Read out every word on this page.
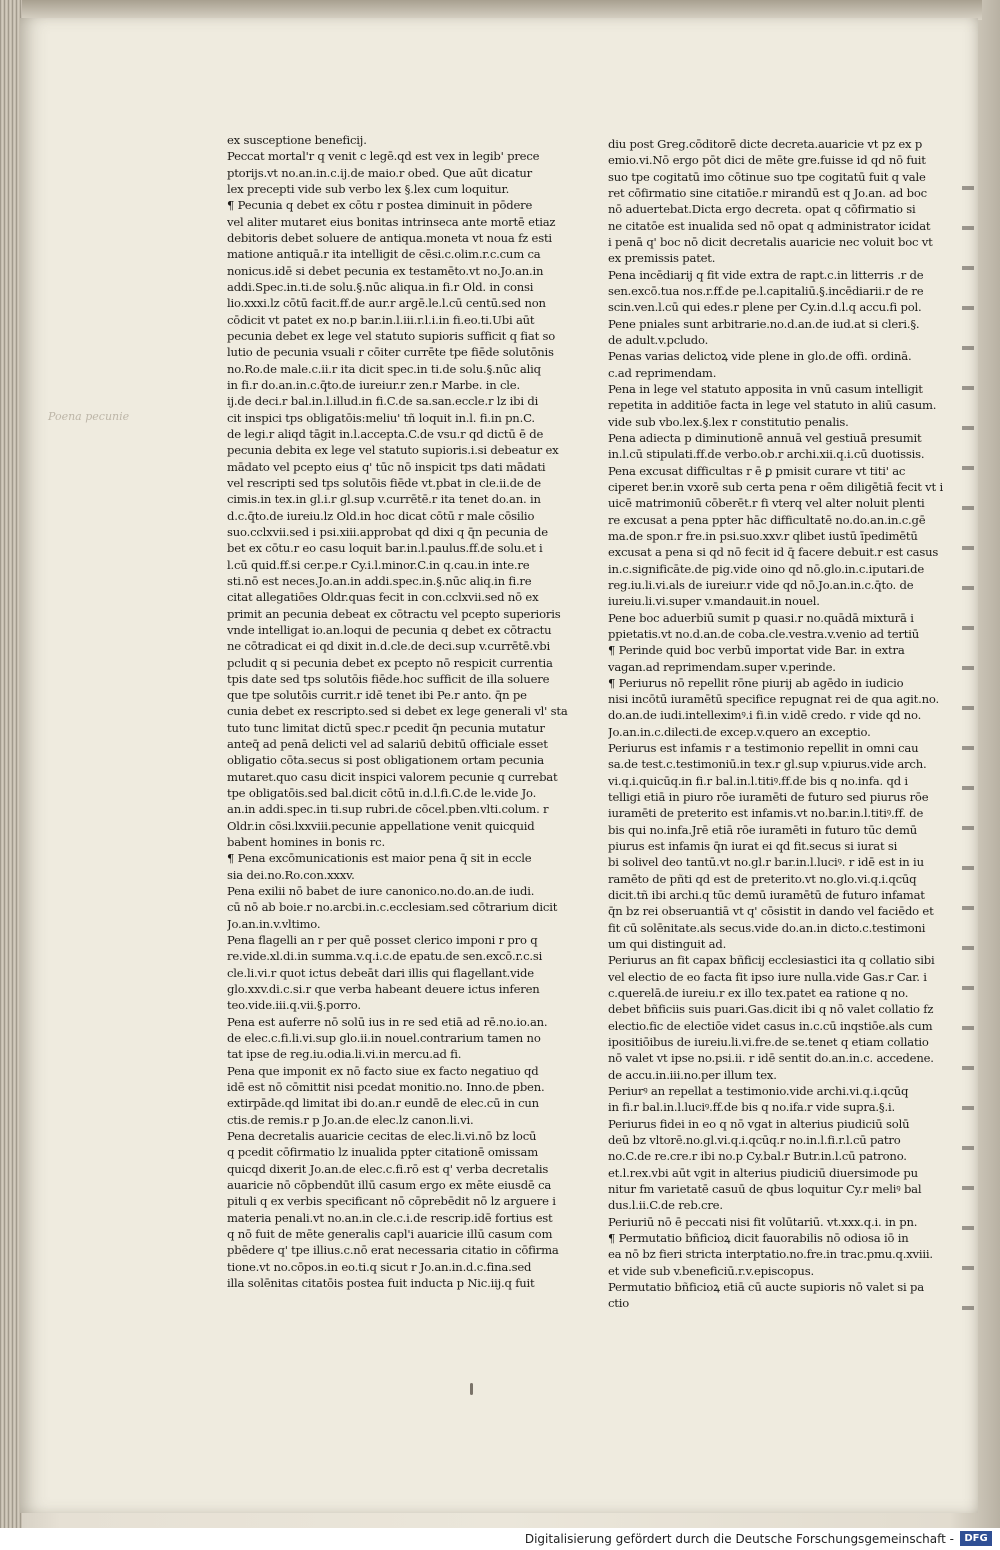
Poena pecunie
ex susceptione beneficij.
Peccat mortal'r q venit c legē.qd est vex in legib' prece
ptorijs.vt no.an.in.c.ij.de maio.r obed. Que aūt dicatur
lex precepti vide sub verbo lex §.lex cum loquitur.
¶ Pecunia q debet ex cōtu r postea diminuit in pōdere
vel aliter mutaret eius bonitas intrinseca ante mortē etiaz
debitoris debet soluere de antiqua.moneta vt noua fz esti
matione antiquā.r ita intelligit de cēsi.c.olim.r.c.cum ca
nonicus.idē si debet pecunia ex testamēto.vt no.Jo.an.in
addi.Spec.in.ti.de solu.§.nūc aliqua.in fi.r Old. in consi
lio.xxxi.lz cōtū facit.ff.de aur.r argē.le.l.cū centū.sed non
cōdicit vt patet ex no.p bar.in.l.iii.r.l.i.in fi.eo.ti.Ubi aūt
pecunia debet ex lege vel statuto supioris sufficit q fiat so
lutio de pecunia vsuali r cōiter currēte tpe fiēde solutōnis
no.Ro.de male.c.ii.r ita dicit spec.in ti.de solu.§.nūc aliq
in fi.r do.an.in.c.q̄to.de iureiur.r zen.r Marbe. in cle.
ij.de deci.r bal.in.l.illud.in fi.C.de sa.san.eccle.r lz ibi di
cit inspici tps obligatōis:meliu' tñ loquit in.l. fi.in pn.C.
de legi.r aliqd tāgit in.l.accepta.C.de vsu.r qd dictū ē de
pecunia debita ex lege vel statuto supioris.i.si debeatur ex
mādato vel pcepto eius q' tūc nō inspicit tps dati mādati
vel rescripti sed tps solutōis fiēde vt.pbat in cle.ii.de de
cimis.in tex.in gl.i.r gl.sup v.currētē.r ita tenet do.an. in
d.c.q̄to.de iureiu.lz Old.in hoc dicat cōtū r male cōsilio
suo.cclxvii.sed i psi.xiii.approbat qd dixi q q̄n pecunia de
bet ex cōtu.r eo casu loquit bar.in.l.paulus.ff.de solu.et i
l.cū quid.ff.si cer.pe.r Cy.i.l.minor.C.in q.cau.in inte.re
sti.nō est neces.Jo.an.in addi.spec.in.§.nūc aliq.in fi.re
citat allegatiōes Oldr.quas fecit in con.cclxvii.sed nō ex
primit an pecunia debeat ex cōtractu vel pcepto superioris
vnde intelligat io.an.loqui de pecunia q debet ex cōtractu
ne cōtradicat ei qd dixit in.d.cle.de deci.sup v.currētē.vbi
pcludit q si pecunia debet ex pcepto nō respicit currentia
tpis date sed tps solutōis fiēde.hoc sufficit de illa soluere
que tpe solutōis currit.r idē tenet ibi Pe.r anto. q̄n pe
cunia debet ex rescripto.sed si debet ex lege generali vl' sta
tuto tunc limitat dictū spec.r pcedit q̄n pecunia mutatur
anteq̄ ad penā delicti vel ad salariū debitū officiale esset
obligatio cōta.secus si post obligationem ortam pecunia
mutaret.quo casu dicit inspici valorem pecunie q currebat
tpe obligatōis.sed bal.dicit cōtū in.d.l.fi.C.de le.vide Jo.
an.in addi.spec.in ti.sup rubri.de cōcel.pben.vlti.colum. r
Oldr.in cōsi.lxxviii.pecunie appellatione venit quicquid
babent homines in bonis rc.
¶ Pena excōmunicationis est maior pena q̄ sit in eccle
sia dei.no.Ro.con.xxxv.
Pena exilii nō babet de iure canonico.no.do.an.de iudi.
cū nō ab boie.r no.arcbi.in.c.ecclesiam.sed cōtrarium dicit
Jo.an.in.v.vltimo.
Pena flagelli an r per quē posset clerico imponi r pro q
re.vide.xl.di.in summa.v.q.i.c.de epatu.de sen.excō.r.c.si
cle.li.vi.r quot ictus debeāt dari illis qui flagellant.vide
glo.xxv.di.c.si.r que verba habeant deuere ictus inferen
teo.vide.iii.q.vii.§.porro.
Pena est auferre nō solū ius in re sed etiā ad rē.no.io.an.
de elec.c.fi.li.vi.sup glo.ii.in nouel.contrarium tamen no
tat ipse de reg.iu.odia.li.vi.in mercu.ad fi.
Pena que imponit ex nō facto siue ex facto negatiuo qd
idē est nō cōmittit nisi pcedat monitio.no. Inno.de pben.
extirpāde.qd limitat ibi do.an.r eundē de elec.cū in cun
ctis.de remis.r p Jo.an.de elec.lz canon.li.vi.
Pena decretalis auaricie cecitas de elec.li.vi.nō bz locū
q pcedit cōfirmatio lz inualida ppter citationē omissam
quicqd dixerit Jo.an.de elec.c.fi.rō est q' verba decretalis
auaricie nō cōpbendūt illū casum ergo ex mēte eiusdē ca
pituli q ex verbis specificant nō cōprebēdit nō lz arguere i
materia penali.vt no.an.in cle.c.i.de rescrip.idē fortius est
q nō fuit de mēte generalis capl'i auaricie illū casum com
pbēdere q' tpe illius.c.nō erat necessaria citatio in cōfirma
tione.vt no.cōpos.in eo.ti.q sicut r Jo.an.in.d.c.fina.sed
illa solēnitas citatōis postea fuit inducta p Nic.iij.q fuit
diu post Greg.cōditorē dicte decreta.auaricie vt pz ex p
emio.vi.Nō ergo pōt dici de mēte gre.fuisse id qd nō fuit
suo tpe cogitatū imo cōtinue suo tpe cogitatū fuit q vale
ret cōfirmatio sine citatiōe.r mirandū est q Jo.an. ad boc
nō aduertebat.Dicta ergo decreta. opat q cōfirmatio si
ne citatōe est inualida sed nō opat q administrator icidat
i penā q' boc nō dicit decretalis auaricie nec voluit boc vt
ex premissis patet.
Pena incēdiarij q fit vide extra de rapt.c.in litterris .r de
sen.excō.tua nos.r.ff.de pe.l.capitaliū.§.incēdiarii.r de re
scin.ven.l.cū qui edes.r plene per Cy.in.d.l.q accu.fi pol.
Pene pniales sunt arbitrarie.no.d.an.de iud.at si cleri.§.
de adult.v.pcludo.
Penas varias delictoꝝ vide plene in glo.de offi. ordinā.
c.ad reprimendam.
Pena in lege vel statuto apposita in vnū casum intelligit
repetita in additiōe facta in lege vel statuto in aliū casum.
vide sub vbo.lex.§.lex r constitutio penalis.
Pena adiecta p diminutionē annuā vel gestiuā presumit
in.l.cū stipulati.ff.de verbo.ob.r archi.xii.q.i.cū duotissis.
Pena excusat difficultas r ē ꝑ pmisit curare vt titi' ac
ciperet ber.in vxorē sub certa pena r oēm diligētiā fecit vt i
uicē matrimoniū cōberēt.r fi vterq vel alter noluit plenti
re excusat a pena ppter hāc difficultatē no.do.an.in.c.gē
ma.de spon.r fre.in psi.suo.xxv.r qlibet iustū īpedimētū
excusat a pena si qd nō fecit id q̄ facere debuit.r est casus
in.c.significāte.de pig.vide oino qd nō.glo.in.c.iputari.de
reg.iu.li.vi.als de iureiur.r vide qd nō.Jo.an.in.c.q̄to. de
iureiu.li.vi.super v.mandauit.in nouel.
Pene boc aduerbiū sumit p quasi.r no.quādā mixturā i
ppietatis.vt no.d.an.de coba.cle.vestra.v.venio ad tertiū
¶ Perinde quid boc verbū importat vide Bar. in extra
vagan.ad reprimendam.super v.perinde.
¶ Periurus nō repellit rōne piurij ab agēdo in iudicio
nisi incōtū iuramētū specifice repugnat rei de qua agit.no.
do.an.de iudi.intelleximꝰ.i fi.in v.idē credo. r vide qd no.
Jo.an.in.c.dilecti.de excep.v.quero an exceptio.
Periurus est infamis r a testimonio repellit in omni cau
sa.de test.c.testimoniū.in tex.r gl.sup v.piurus.vide arch.
vi.q.i.quicūq.in fi.r bal.in.l.titiꝰ.ff.de bis q no.infa. qd i
telligi etiā in piuro rōe iuramēti de futuro sed piurus rōe
iuramēti de preterito est infamis.vt no.bar.in.l.titiꝰ.ff. de
bis qui no.infa.Jrē etiā rōe iuramēti in futuro tūc demū
piurus est infamis q̄n iurat ei qd fit.secus si iurat si
bi solivel deo tantū.vt no.gl.r bar.in.l.luciꝰ. r idē est in iu
ramēto de pñti qd est de preterito.vt no.glo.vi.q.i.qcūq
dicit.tñ ibi archi.q tūc demū iuramētū de futuro infamat
q̄n bz rei obseruantiā vt q' cōsistit in dando vel faciēdo et
fit cū solēnitate.als secus.vide do.an.in dicto.c.testimoni
um qui distinguit ad.
Periurus an fit capax bñficij ecclesiastici ita q collatio sibi
vel electio de eo facta fit ipso iure nulla.vide Gas.r Car. i
c.querelā.de iureiu.r ex illo tex.patet ea ratione q no.
debet bñficiis suis puari.Gas.dicit ibi q nō valet collatio fz
electio.fic de electiōe videt casus in.c.cū inqstiōe.als cum
ipositiōibus de iureiu.li.vi.fre.de se.tenet q etiam collatio
nō valet vt ipse no.psi.ii. r idē sentit do.an.in.c. accedene.
de accu.in.iii.no.per illum tex.
Periurꝰ an repellat a testimonio.vide archi.vi.q.i.qcūq
in fi.r bal.in.l.luciꝰ.ff.de bis q no.ifa.r vide supra.§.i.
Periurus fidei in eo q nō vgat in alterius piudiciū solū
deū bz vltorē.no.gl.vi.q.i.qcūq.r no.in.l.fi.r.l.cū patro
no.C.de re.cre.r ibi no.p Cy.bal.r Butr.in.l.cū patrono.
et.l.rex.vbi aūt vgit in alterius piudiciū diuersimode pu
nitur fm varietatē casuū de qbus loquitur Cy.r meliꝰ bal
dus.l.ii.C.de reb.cre.
Periuriū nō ē peccati nisi fit volūtariū. vt.xxx.q.i. in pn.
¶ Permutatio bñficioꝝ dicit fauorabilis nō odiosa iō in
ea nō bz fieri stricta interptatio.no.fre.in trac.pmu.q.xviii.
et vide sub v.beneficiū.r.v.episcopus.
Permutatio bñficioꝝ etiā cū aucte supioris nō valet si pa
ctio
Digitalisierung gefördert durch die Deutsche Forschungsgemeinschaft -	DFG
